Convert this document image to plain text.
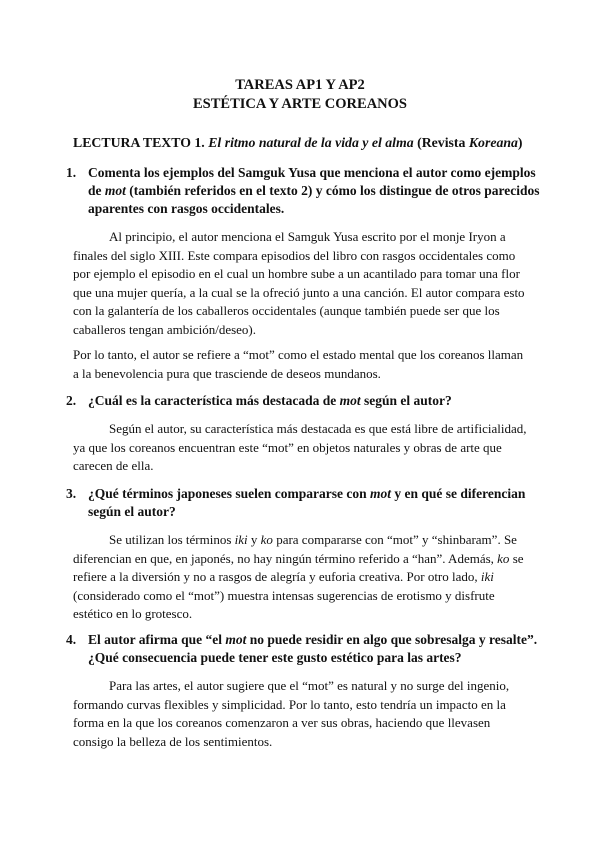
TAREAS AP1 Y AP2
ESTÉTICA Y ARTE COREANOS
LECTURA TEXTO 1. El ritmo natural de la vida y el alma (Revista Koreana)
1. Comenta los ejemplos del Samguk Yusa que menciona el autor como ejemplos de mot (también referidos en el texto 2) y cómo los distingue de otros parecidos aparentes con rasgos occidentales.

Al principio, el autor menciona el Samguk Yusa escrito por el monje Iryon a finales del siglo XIII. Este compara episodios del libro con rasgos occidentales como por ejemplo el episodio en el cual un hombre sube a un acantilado para tomar una flor que una mujer quería, a la cual se la ofreció junto a una canción. El autor compara esto con la galantería de los caballeros occidentales (aunque también puede ser que los caballeros tengan ambición/deseo).
Por lo tanto, el autor se refiere a “mot” como el estado mental que los coreanos llaman a la benevolencia pura que trasciende de deseos mundanos.
2. ¿Cuál es la característica más destacada de mot según el autor?

Según el autor, su característica más destacada es que está libre de artificialidad, ya que los coreanos encuentran este “mot” en objetos naturales y obras de arte que carecen de ella.
3. ¿Qué términos japoneses suelen compararse con mot y en qué se diferencian según el autor?

Se utilizan los términos iki y ko para compararse con “mot” y “shinbaram”. Se diferencian en que, en japonés, no hay ningún término referido a “han”. Además, ko se refiere a la diversión y no a rasgos de alegría y euforia creativa. Por otro lado, iki (considerado como el “mot”) muestra intensas sugerencias de erotismo y disfrute estético en lo grotesco.
4. El autor afirma que “el mot no puede residir en algo que sobresalga y resalte”. ¿Qué consecuencia puede tener este gusto estético para las artes?

Para las artes, el autor sugiere que el “mot” es natural y no surge del ingenio, formando curvas flexibles y simplicidad. Por lo tanto, esto tendría un impacto en la forma en la que los coreanos comenzaron a ver sus obras, haciendo que llevasen consigo la belleza de los sentimientos.
